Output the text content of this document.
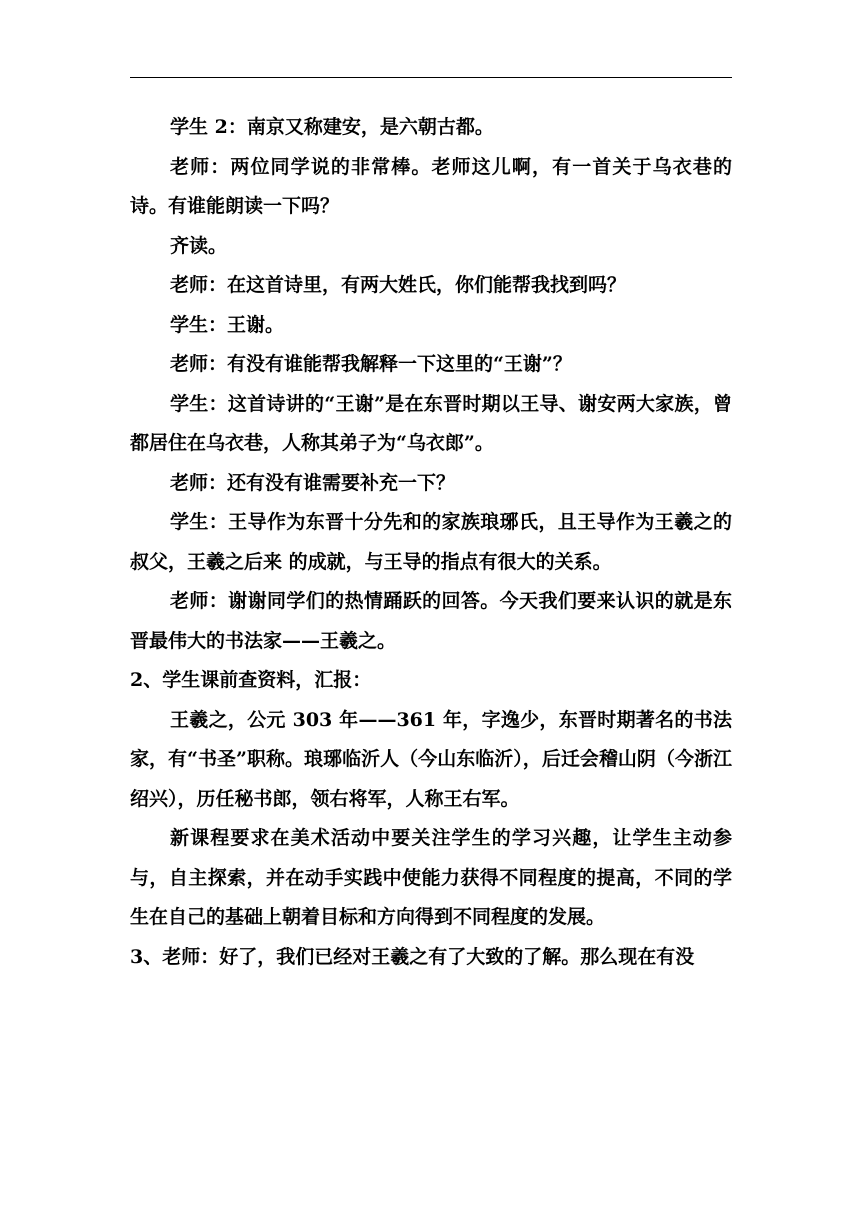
学生 2：南京又称建安，是六朝古都。

老师：两位同学说的非常棒。老师这儿啊，有一首关于乌衣巷的诗。有谁能朗读一下吗？

齐读。

老师：在这首诗里，有两大姓氏，你们能帮我找到吗？

学生：王谢。

老师：有没有谁能帮我解释一下这里的“王谢”？

学生：这首诗讲的“王谢”是在东晋时期以王导、谢安两大家族，曾都居住在乌衣巷，人称其弟子为“乌衣郎”。

老师：还有没有谁需要补充一下？

学生：王导作为东晋十分先和的家族琅琊氏，且王导作为王羲之的叔父，王羲之后来 的成就，与王导的指点有很大的关系。

老师：谢谢同学们的热情踊跃的回答。今天我们要来认识的就是东晋最伟大的书法家——王羲之。

2、学生课前查资料，汇报：

王羲之，公元 303 年——361 年，字逸少，东晋时期著名的书法家，有“书圣”职称。琅琊临沂人（今山东临沂），后迁会稽山阴（今浙江绍兴），历任秘书郎，领右将军，人称王右军。

新课程要求在美术活动中要关注学生的学习兴趣，让学生主动参与，自主探索，并在动手实践中使能力获得不同程度的提高，不同的学生在自己的基础上朝着目标和方向得到不同程度的发展。

3、老师：好了，我们已经对王羲之有了大致的了解。那么现在有没
